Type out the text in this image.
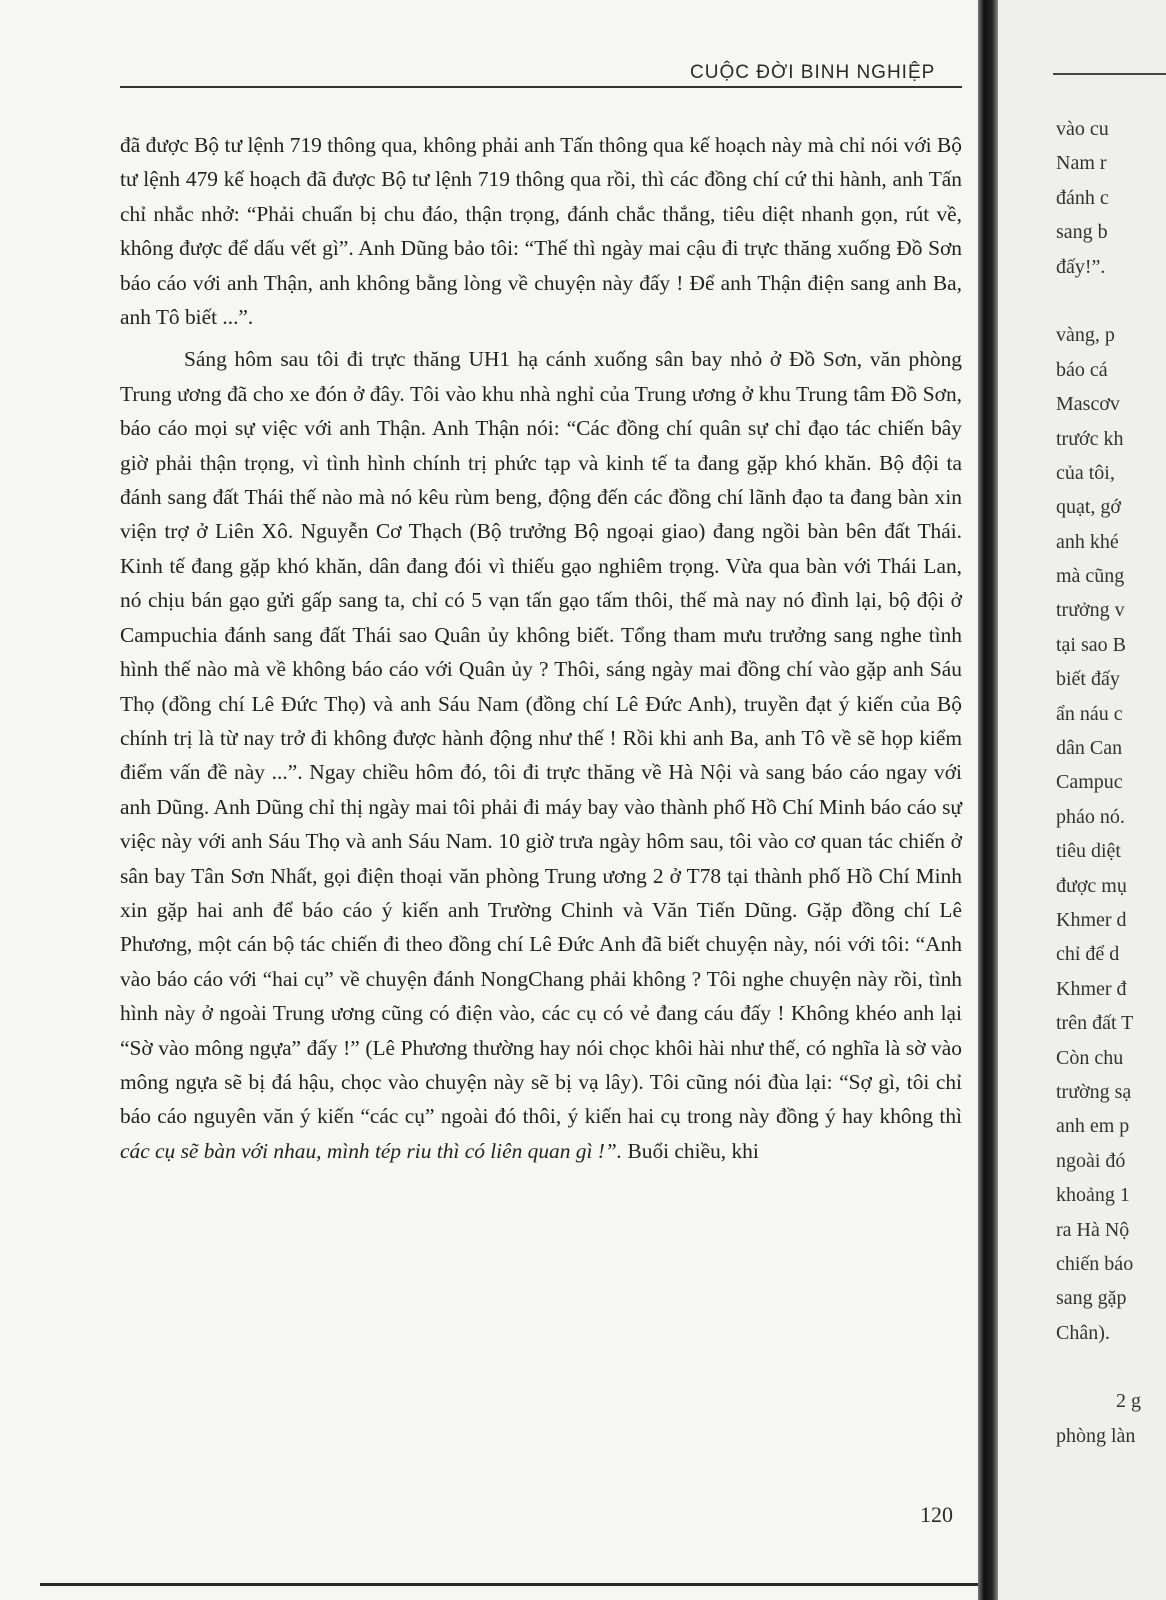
CUỘC ĐỜI BINH NGHIỆP

đã được Bộ tư lệnh 719 thông qua, không phải anh Tấn thông qua kế hoạch này mà chỉ nói với Bộ tư lệnh 479 kế hoạch đã được Bộ tư lệnh 719 thông qua rồi, thì các đồng chí cứ thi hành, anh Tấn chỉ nhắc nhở: “Phải chuẩn bị chu đáo, thận trọng, đánh chắc thắng, tiêu diệt nhanh gọn, rút về, không được để dấu vết gì”. Anh Dũng bảo tôi: “Thế thì ngày mai cậu đi trực thăng xuống Đồ Sơn báo cáo với anh Thận, anh không bằng lòng về chuyện này đấy ! Để anh Thận điện sang anh Ba, anh Tô biết ...”.

Sáng hôm sau tôi đi trực thăng UH1 hạ cánh xuống sân bay nhỏ ở Đồ Sơn, văn phòng Trung ương đã cho xe đón ở đây. Tôi vào khu nhà nghỉ của Trung ương ở khu Trung tâm Đồ Sơn, báo cáo mọi sự việc với anh Thận. Anh Thận nói: “Các đồng chí quân sự chỉ đạo tác chiến bây giờ phải thận trọng, vì tình hình chính trị phức tạp và kinh tế ta đang gặp khó khăn. Bộ đội ta đánh sang đất Thái thế nào mà nó kêu rùm beng, động đến các đồng chí lãnh đạo ta đang bàn xin viện trợ ở Liên Xô. Nguyễn Cơ Thạch (Bộ trưởng Bộ ngoại giao) đang ngồi bàn bên đất Thái. Kinh tế đang gặp khó khăn, dân đang đói vì thiếu gạo nghiêm trọng. Vừa qua bàn với Thái Lan, nó chịu bán gạo gửi gấp sang ta, chỉ có 5 vạn tấn gạo tấm thôi, thế mà nay nó đình lại, bộ đội ở Campuchia đánh sang đất Thái sao Quân ủy không biết. Tổng tham mưu trưởng sang nghe tình hình thế nào mà về không báo cáo với Quân ủy ? Thôi, sáng ngày mai đồng chí vào gặp anh Sáu Thọ (đồng chí Lê Đức Thọ) và anh Sáu Nam (đồng chí Lê Đức Anh), truyền đạt ý kiến của Bộ chính trị là từ nay trở đi không được hành động như thế ! Rồi khi anh Ba, anh Tô về sẽ họp kiểm điểm vấn đề này ...”. Ngay chiều hôm đó, tôi đi trực thăng về Hà Nội và sang báo cáo ngay với anh Dũng. Anh Dũng chỉ thị ngày mai tôi phải đi máy bay vào thành phố Hồ Chí Minh báo cáo sự việc này với anh Sáu Thọ và anh Sáu Nam. 10 giờ trưa ngày hôm sau, tôi vào cơ quan tác chiến ở sân bay Tân Sơn Nhất, gọi điện thoại văn phòng Trung ương 2 ở T78 tại thành phố Hồ Chí Minh xin gặp hai anh để báo cáo ý kiến anh Trường Chinh và Văn Tiến Dũng. Gặp đồng chí Lê Phương, một cán bộ tác chiến đi theo đồng chí Lê Đức Anh đã biết chuyện này, nói với tôi: “Anh vào báo cáo với “hai cụ” về chuyện đánh NongChang phải không ? Tôi nghe chuyện này rồi, tình hình này ở ngoài Trung ương cũng có điện vào, các cụ có vẻ đang cáu đấy ! Không khéo anh lại “Sờ vào mông ngựa” đấy !” (Lê Phương thường hay nói chọc khôi hài như thế, có nghĩa là sờ vào mông ngựa sẽ bị đá hậu, chọc vào chuyện này sẽ bị vạ lây). Tôi cũng nói đùa lại: “Sợ gì, tôi chỉ báo cáo nguyên văn ý kiến “các cụ” ngoài đó thôi, ý kiến hai cụ trong này đồng ý hay không thì các cụ sẽ bàn với nhau, mình tép riu thì có liên quan gì !”. Buổi chiều, khi

120
vào cu
Nam r
đánh c
sang b
đấy!”.
vàng, p
báo cá
Mascơv
trước kh
của tôi,
quạt, gớ
anh khé
mà cũng
trưởng v
tại sao B
biết đấy
ẩn náu c
dân Can
Campuc
pháo nó.
tiêu diệt
được mụ
Khmer d
chỉ để d
Khmer đ
trên đất T
Còn chu
trường sạ
anh em p
ngoài đó
khoảng 1
ra Hà Nộ
chiến báo
sang gặp
Chân).
2 g
phòng làn
